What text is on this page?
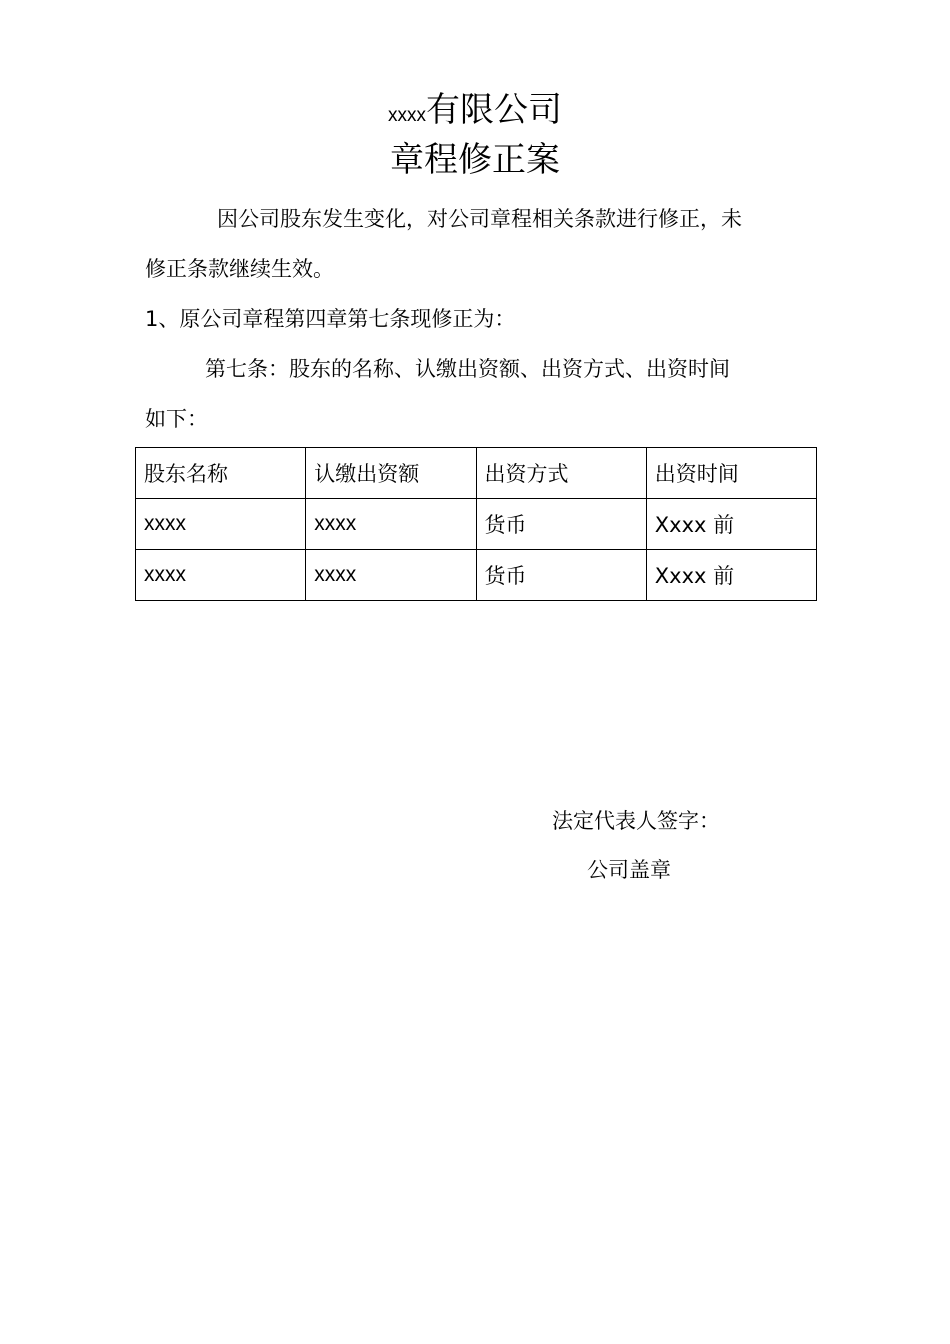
xxxx有限公司
章程修正案
因公司股东发生变化，对公司章程相关条款进行修正，未
修正条款继续生效。
1、原公司章程第四章第七条现修正为：
第七条：股东的名称、认缴出资额、出资方式、出资时间
如下：
股东名称	认缴出资额	出资方式	出资时间
xxxx	xxxx	货币	Xxxx 前
xxxx	xxxx	货币	Xxxx 前
法定代表人签字：
公司盖章
